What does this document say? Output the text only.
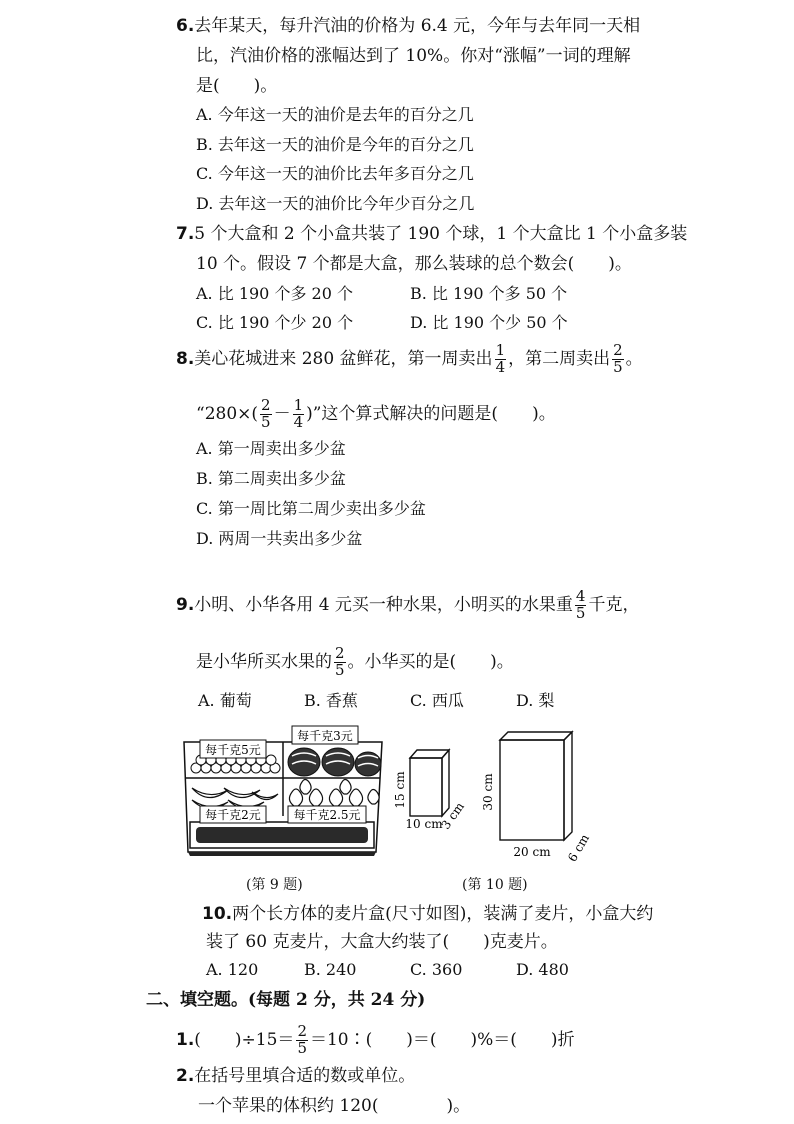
6.去年某天，每升汽油的价格为 6.4 元，今年与去年同一天相
比，汽油价格的涨幅达到了 10%。你对“涨幅”一词的理解
是(　　)。
A. 今年这一天的油价是去年的百分之几
B. 去年这一天的油价是今年的百分之几
C. 今年这一天的油价比去年多百分之几
D. 去年这一天的油价比今年少百分之几
7.5 个大盒和 2 个小盒共装了 190 个球，1 个大盒比 1 个小盒多装
10 个。假设 7 个都是大盒，那么装球的总个数会(　　)。
A. 比 190 个多 20 个	B. 比 190 个多 50 个
C. 比 190 个少 20 个	D. 比 190 个少 50 个
8.美心花城进来 280 盆鲜花，第一周卖出 $\frac{1}{4}$ ，第二周卖出 $\frac{2}{5}$ 。
“$280\times( \frac{2}{5} - \frac{1}{4}$ )”这个算式解决的问题是(　　)。
A. 第一周卖出多少盆
B. 第二周卖出多少盆
C. 第一周比第二周少卖出多少盆
D. 两周一共卖出多少盆
9.小明、小华各用 4 元买一种水果，小明买的水果重 $\frac{4}{5}$ 千克，
是小华所买水果的 $\frac{2}{5}$ 。小华买的是(　　)。
A. 葡萄	B. 香蕉	C. 西瓜	D. 梨
每千克5元
每千克3元
每千克2元	每千克2.5元
(第 9 题)
15 cm
10 cm
3 cm
30 cm
20 cm 6 cm
(第 10 题)
10.两个长方体的麦片盒(尺寸如图)，装满了麦片，小盒大约
装了 60 克麦片，大盒大约装了(　　)克麦片。
A. 120	B. 240	C. 360	D. 480
二、填空题。(每题 2 分，共 24 分)
1.(　　)$\div 15= \frac{2}{5}$ ＝10∶(　　)＝(　　)%＝(　　)折
2.在括号里填合适的数或单位。
一个苹果的体积约 120(　　　　)。
